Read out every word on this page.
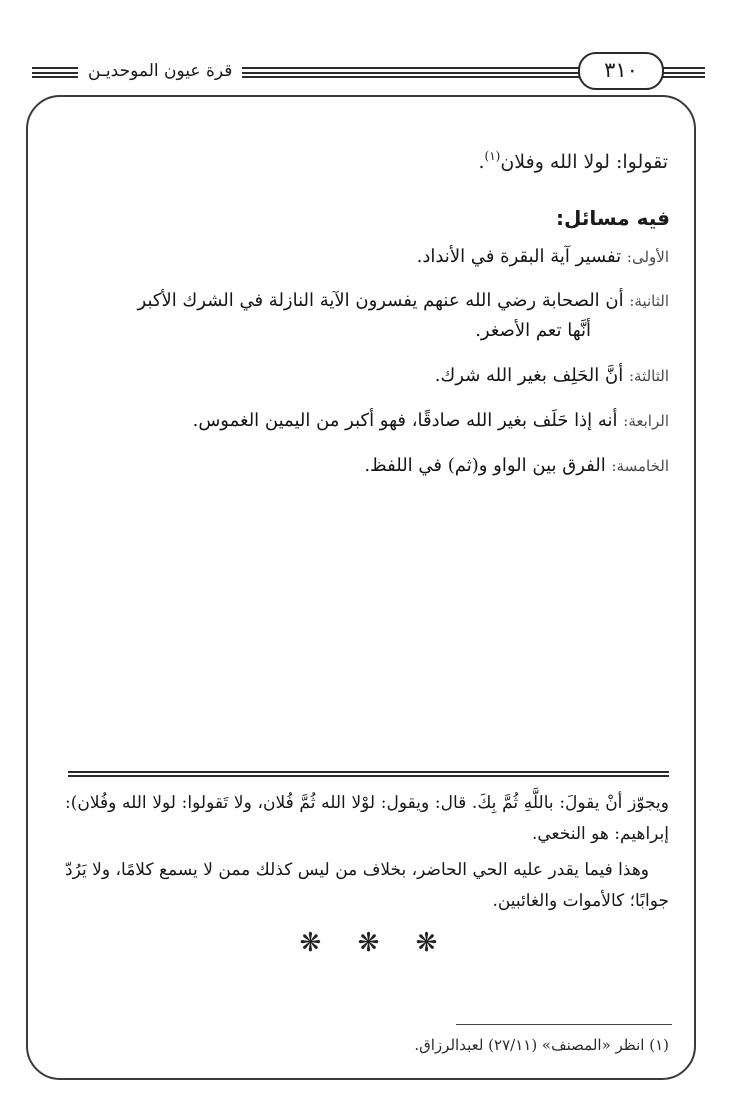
قرة عيون الموحديـن	٣١٠
تقولوا: لولا الله وفلان$^{(١)}$.
فيه مسائل:
الأولى: تفسير آية البقرة في الأنداد.
الثانية: أن الصحابة رضي الله عنهم يفسرون الآية النازلة في الشرك الأكبر
أنَّها تعم الأصغر.
الثالثة: أنَّ الحَلِف بغير الله شرك.
الرابعة: أنه إذا حَلَف بغير الله صادقًا، فهو أكبر من اليمين الغموس.
الخامسة: الفرق بين الواو و(ثم) في اللفظ.
ويجوّز أنْ يقولَ: باللَّهِ ثُمَّ بِكَ. قال: ويقول: لوْلا الله ثُمَّ فُلان، ولا تَقولوا: لولا الله وفُلان): إبراهيم: هو النخعي.
وهذا فيما يقدر عليه الحي الحاضر، بخلاف من ليس كذلك ممن لا يسمع كلامًا، ولا يَرُدّ جوابًا؛ كالأموات والغائبين.
❋ ❋ ❋
(١) انظر «المصنف» (٢٧/١١) لعبدالرزاق.
